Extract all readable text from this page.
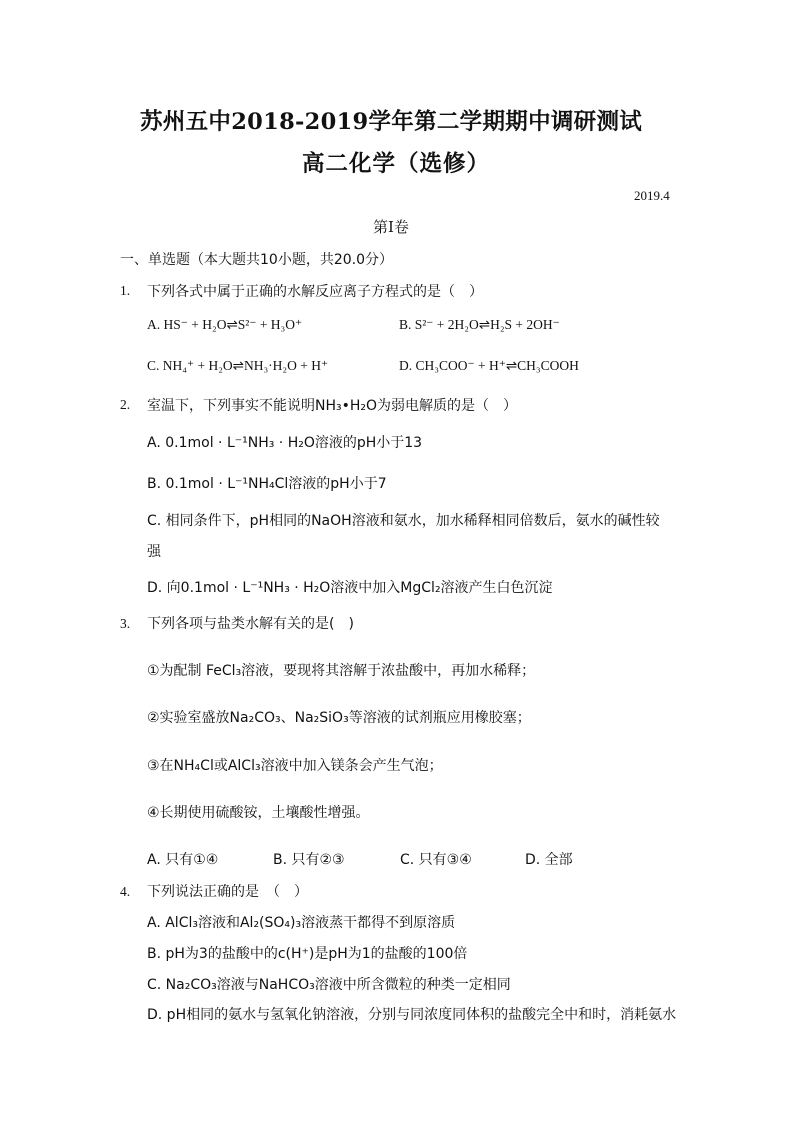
苏州五中2018-2019学年第二学期期中调研测试
高二化学（选修）
2019.4
第I卷
一、单选题（本大题共10小题，共20.0分）
1. 下列各式中属于正确的水解反应离子方程式的是（　）
A. HS⁻ + H₂O⇌S²⁻ + H₃O⁺	B. S²⁻ + 2H₂O⇌H₂S + 2OH⁻
C. NH₄⁺ + H₂O⇌NH₃·H₂O + H⁺	D. CH₃COO⁻ + H⁺⇌CH₃COOH
2. 室温下，下列事实不能说明NH₃•H₂O为弱电解质的是（　）
A. 0.1mol · L⁻¹NH₃ · H₂O溶液的pH小于13
B. 0.1mol · L⁻¹NH₄Cl溶液的pH小于7
C. 相同条件下，pH相同的NaOH溶液和氨水，加水稀释相同倍数后，氨水的碱性较
强
D. 向0.1mol · L⁻¹NH₃ · H₂O溶液中加入MgCl₂溶液产生白色沉淀
3. 下列各项与盐类水解有关的是(　)
①为配制 FeCl₃溶液，要现将其溶解于浓盐酸中，再加水稀释；
②实验室盛放Na₂CO₃、Na₂SiO₃等溶液的试剂瓶应用橡胶塞；
③在NH₄Cl或AlCl₃溶液中加入镁条会产生气泡；
④长期使用硫酸铵，土壤酸性增强。
A. 只有①④	B. 只有②③	C. 只有③④	D. 全部
4. 下列说法正确的是　（　）
A. AlCl₃溶液和Al₂(SO₄)₃溶液蒸干都得不到原溶质
B. pH为3的盐酸中的c(H⁺)是pH为1的盐酸的100倍
C. Na₂CO₃溶液与NaHCO₃溶液中所含微粒的种类一定相同
D. pH相同的氨水与氢氧化钠溶液，分别与同浓度同体积的盐酸完全中和时，消耗氨水
